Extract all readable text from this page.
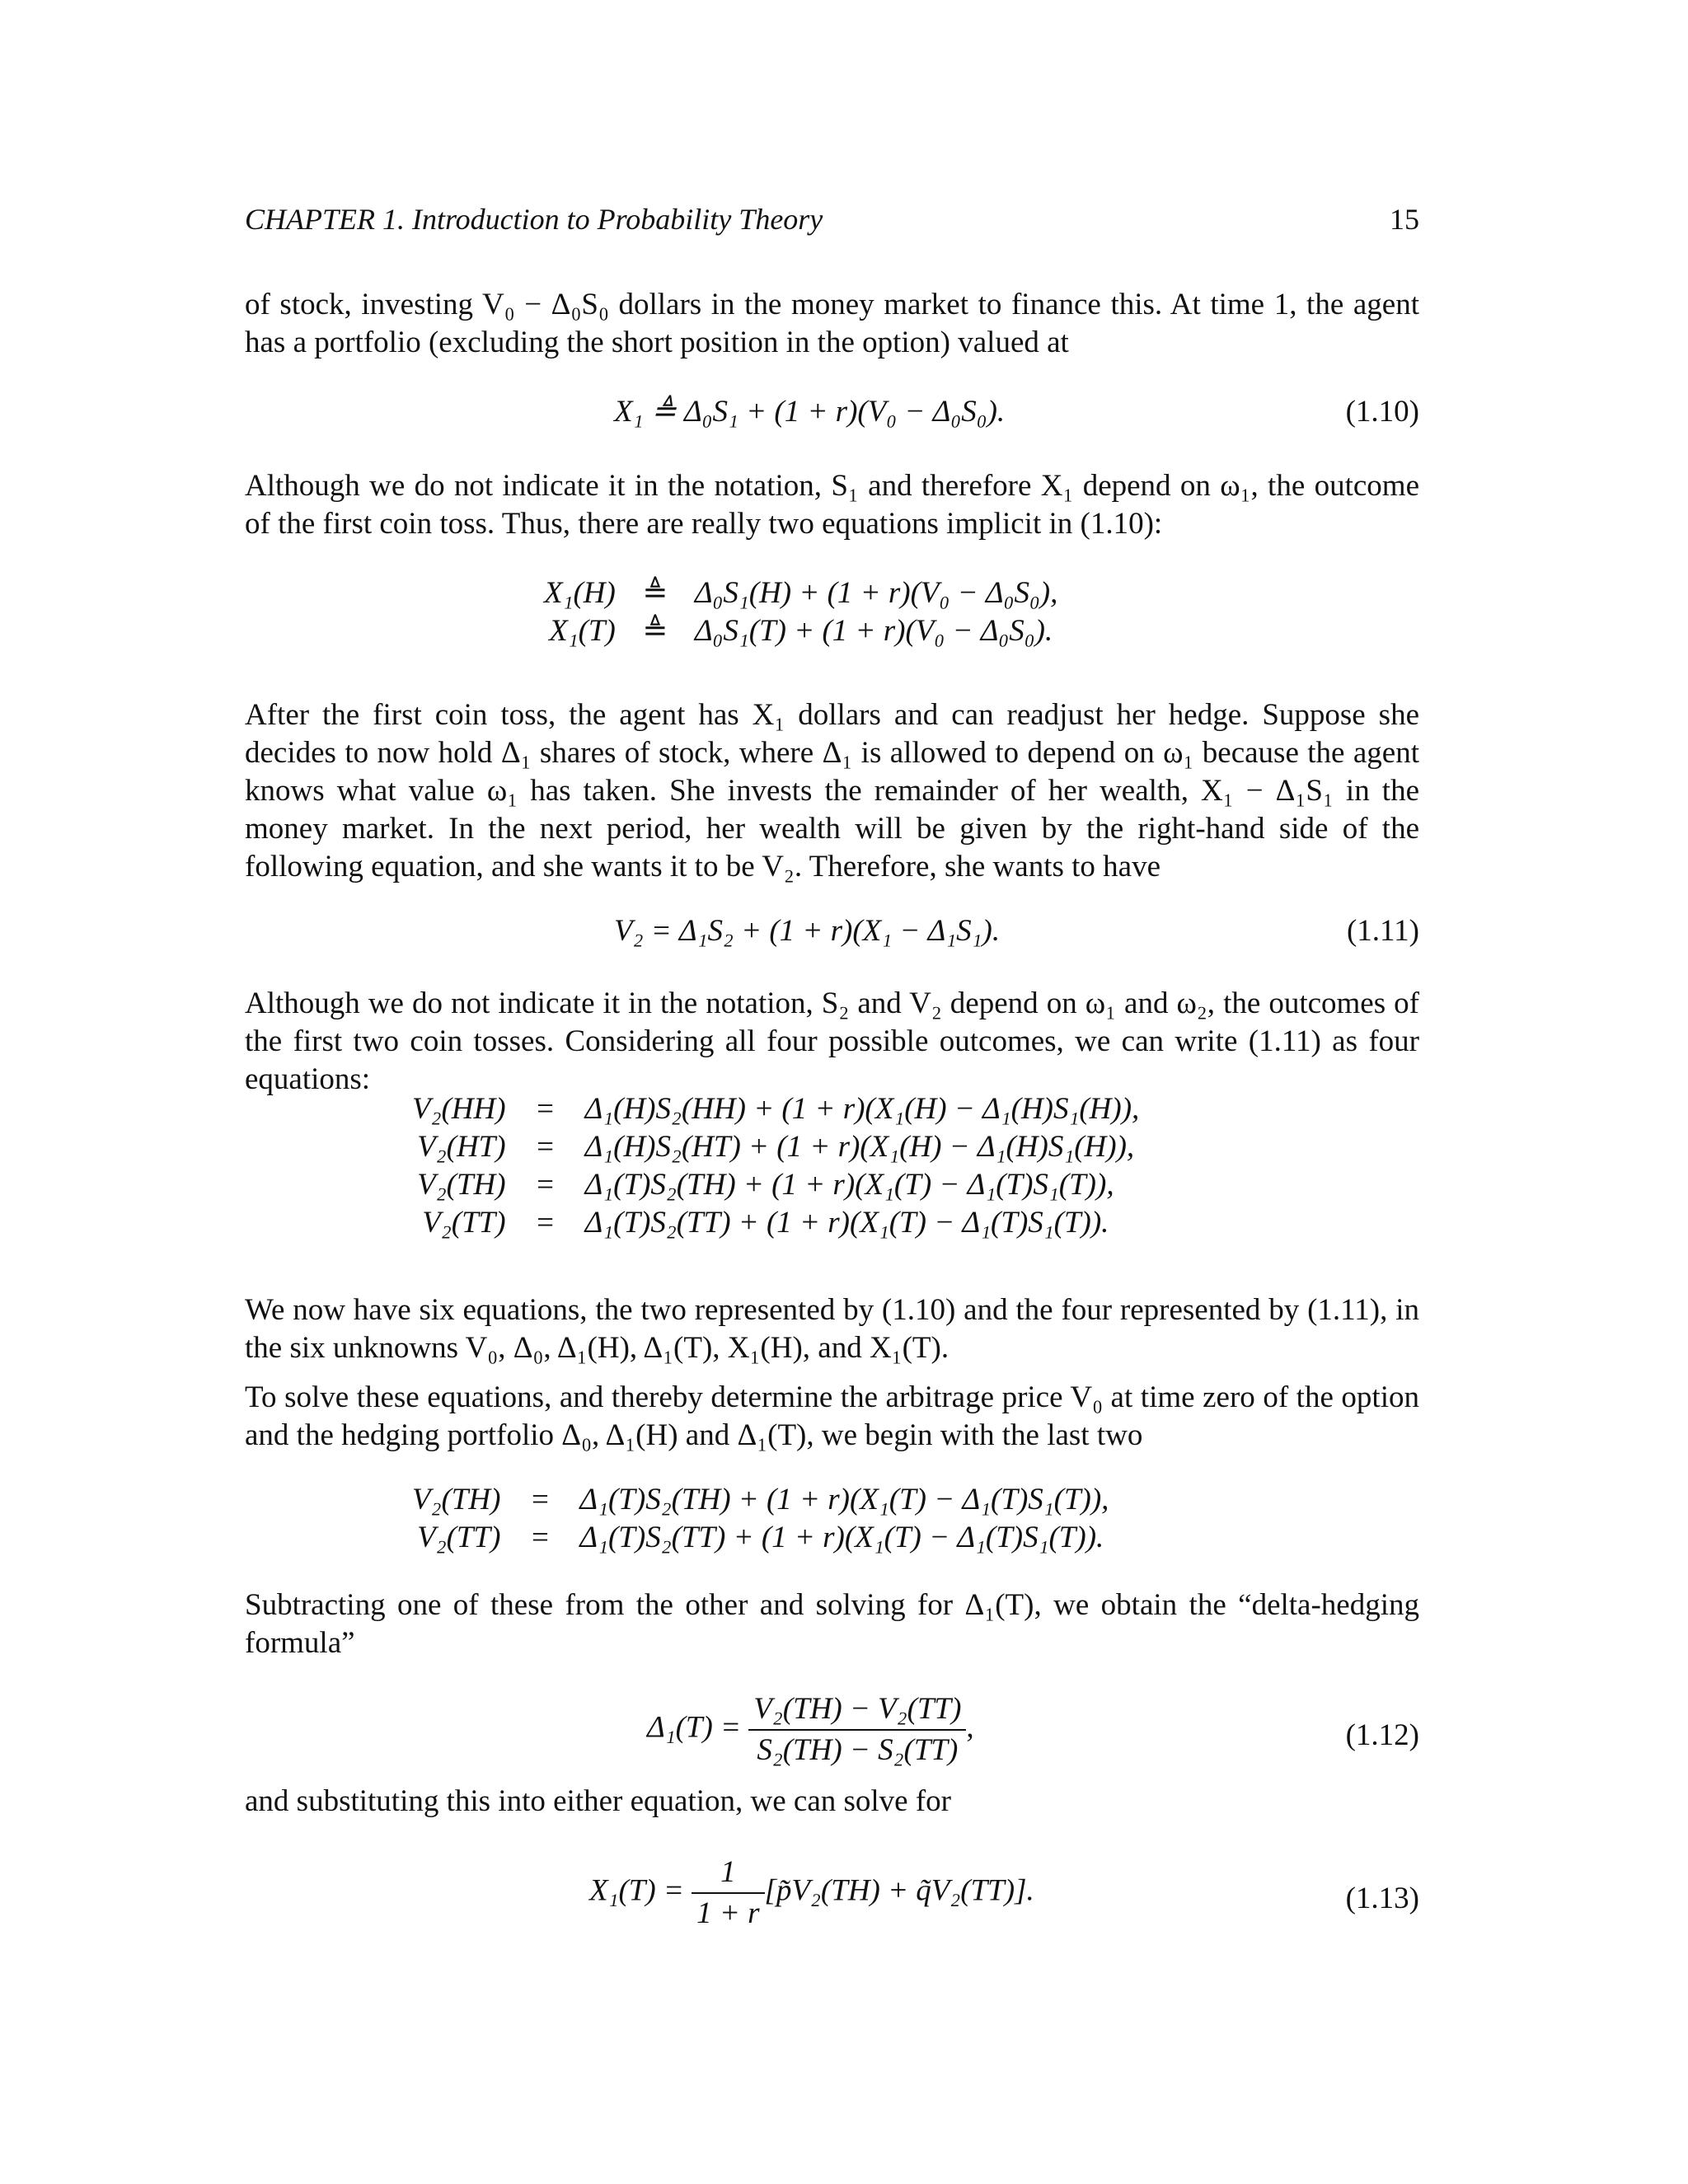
CHAPTER 1. Introduction to Probability Theory	15
of stock, investing V₀ − Δ₀S₀ dollars in the money market to finance this. At time 1, the agent has a portfolio (excluding the short position in the option) valued at
X₁ ≜ Δ₀S₁ + (1 + r)(V₀ − Δ₀S₀).	(1.10)
Although we do not indicate it in the notation, S₁ and therefore X₁ depend on ω₁, the outcome of the first coin toss. Thus, there are really two equations implicit in (1.10):
X₁(H)	≜	Δ₀S₁(H) + (1 + r)(V₀ − Δ₀S₀),
X₁(T)	≜	Δ₀S₁(T) + (1 + r)(V₀ − Δ₀S₀).
After the first coin toss, the agent has X₁ dollars and can readjust her hedge. Suppose she decides to now hold Δ₁ shares of stock, where Δ₁ is allowed to depend on ω₁ because the agent knows what value ω₁ has taken. She invests the remainder of her wealth, X₁ − Δ₁S₁ in the money market. In the next period, her wealth will be given by the right-hand side of the following equation, and she wants it to be V₂. Therefore, she wants to have
V₂ = Δ₁S₂ + (1 + r)(X₁ − Δ₁S₁).	(1.11)
Although we do not indicate it in the notation, S₂ and V₂ depend on ω₁ and ω₂, the outcomes of the first two coin tosses. Considering all four possible outcomes, we can write (1.11) as four equations:
V₂(HH)	=	Δ₁(H)S₂(HH) + (1 + r)(X₁(H) − Δ₁(H)S₁(H)),
V₂(HT)	=	Δ₁(H)S₂(HT) + (1 + r)(X₁(H) − Δ₁(H)S₁(H)),
V₂(TH)	=	Δ₁(T)S₂(TH) + (1 + r)(X₁(T) − Δ₁(T)S₁(T)),
V₂(TT)	=	Δ₁(T)S₂(TT) + (1 + r)(X₁(T) − Δ₁(T)S₁(T)).
We now have six equations, the two represented by (1.10) and the four represented by (1.11), in the six unknowns V₀, Δ₀, Δ₁(H), Δ₁(T), X₁(H), and X₁(T).
To solve these equations, and thereby determine the arbitrage price V₀ at time zero of the option and the hedging portfolio Δ₀, Δ₁(H) and Δ₁(T), we begin with the last two
V₂(TH)	=	Δ₁(T)S₂(TH) + (1 + r)(X₁(T) − Δ₁(T)S₁(T)),
V₂(TT)	=	Δ₁(T)S₂(TT) + (1 + r)(X₁(T) − Δ₁(T)S₁(T)).
Subtracting one of these from the other and solving for Δ₁(T), we obtain the “delta-hedging formula”
$\Delta_1(T) = \frac{\text{V₂(TH) − V₂(TT)}}{\text{S₂(TH) − S₂(TT)}}$ ,	(1.12)
and substituting this into either equation, we can solve for
$X_1(T) = \frac{1}{1 + r}$ [p̃V₂(TH) + q̃V₂(TT)].	(1.13)
